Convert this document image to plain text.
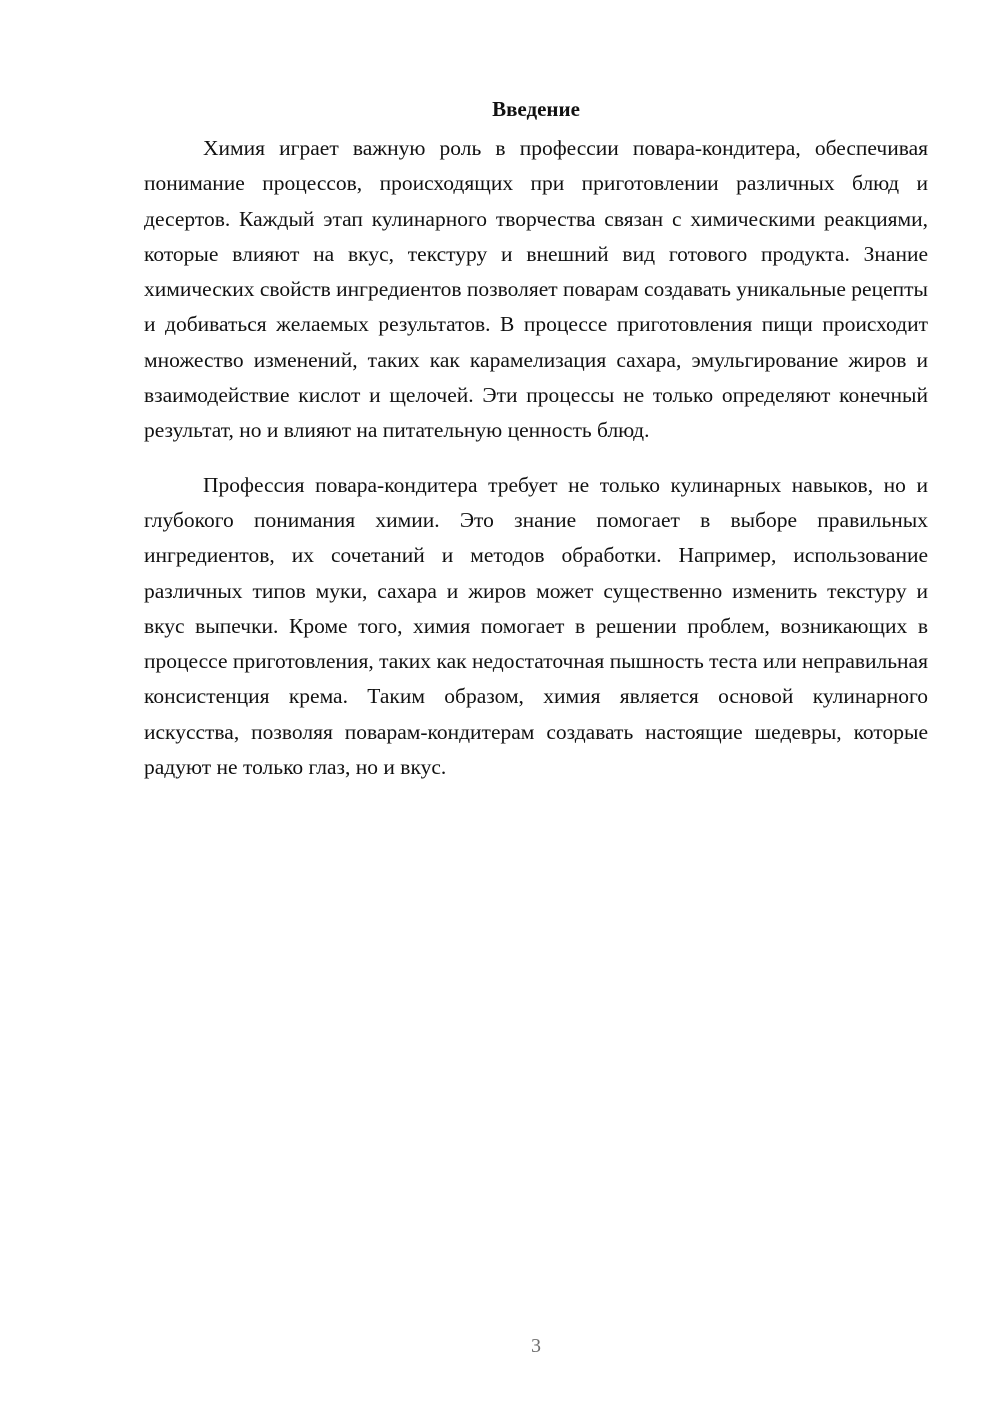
Введение

Химия играет важную роль в профессии повара-кондитера, обеспечивая понимание процессов, происходящих при приготовлении различных блюд и десертов. Каждый этап кулинарного творчества связан с химическими реакциями, которые влияют на вкус, текстуру и внешний вид готового продукта. Знание химических свойств ингредиентов позволяет поварам создавать уникальные рецепты и добиваться желаемых результатов. В процессе приготовления пищи происходит множество изменений, таких как карамелизация сахара, эмульгирование жиров и взаимодействие кислот и щелочей. Эти процессы не только определяют конечный результат, но и влияют на питательную ценность блюд.

Профессия повара-кондитера требует не только кулинарных навыков, но и глубокого понимания химии. Это знание помогает в выборе правильных ингредиентов, их сочетаний и методов обработки. Например, использование различных типов муки, сахара и жиров может существенно изменить текстуру и вкус выпечки. Кроме того, химия помогает в решении проблем, возникающих в процессе приготовления, таких как недостаточная пышность теста или неправильная консистенция крема. Таким образом, химия является основой кулинарного искусства, позволяя поварам-кондитерам создавать настоящие шедевры, которые радуют не только глаз, но и вкус.

3
